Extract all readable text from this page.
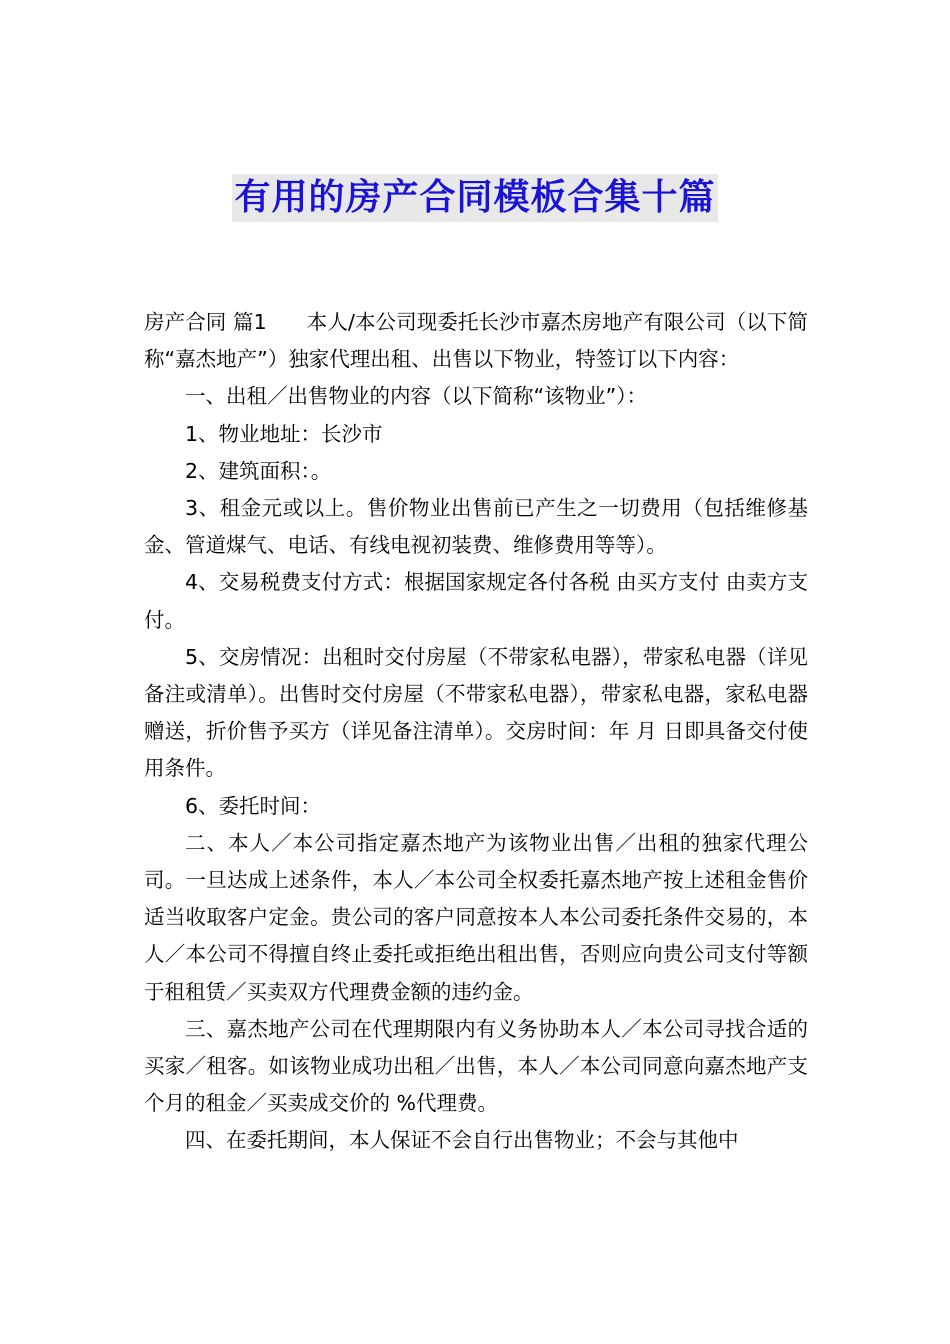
有用的房产合同模板合集十篇

房产合同 篇1 本人/本公司现委托长沙市嘉杰房地产有限公司（以下简称“嘉杰地产”）独家代理出租、出售以下物业，特签订以下内容：

一、出租／出售物业的内容（以下简称“该物业”）：

1、物业地址：长沙市

2、建筑面积：。

3、租金元或以上。售价物业出售前已产生之一切费用（包括维修基金、管道煤气、电话、有线电视初装费、维修费用等等）。

4、交易税费支付方式：根据国家规定各付各税 由买方支付 由卖方支付。

5、交房情况：出租时交付房屋（不带家私电器），带家私电器（详见备注或清单）。出售时交付房屋（不带家私电器），带家私电器，家私电器赠送，折价售予买方（详见备注清单）。交房时间：年 月 日即具备交付使用条件。

6、委托时间：

二、本人／本公司指定嘉杰地产为该物业出售／出租的独家代理公司。一旦达成上述条件，本人／本公司全权委托嘉杰地产按上述租金售价适当收取客户定金。贵公司的客户同意按本人本公司委托条件交易的，本人／本公司不得擅自终止委托或拒绝出租出售，否则应向贵公司支付等额于租租赁／买卖双方代理费金额的违约金。

三、嘉杰地产公司在代理期限内有义务协助本人／本公司寻找合适的买家／租客。如该物业成功出租／出售，本人／本公司同意向嘉杰地产支 个月的租金／买卖成交价的 %代理费。

四、在委托期间，本人保证不会自行出售物业；不会与其他中
